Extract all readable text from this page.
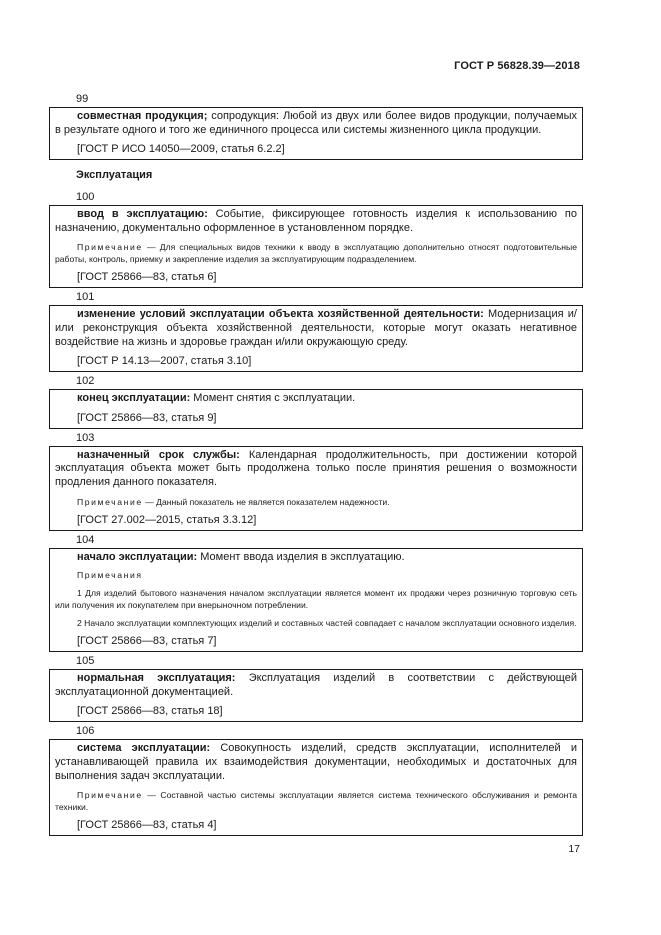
ГОСТ Р 56828.39—2018
99

совместная продукция; сопродукция: Любой из двух или более видов продукции, получаемых в результате одного и того же единичного процесса или системы жизненного цикла продукции.

[ГОСТ Р ИСО 14050—2009, статья 6.2.2]
Эксплуатация
100

ввод в эксплуатацию: Событие, фиксирующее готовность изделия к использованию по назначению, документально оформленное в установленном порядке.

Примечание — Для специальных видов техники к вводу в эксплуатацию дополнительно относят подготовительные работы, контроль, приемку и закрепление изделия за эксплуатирующим подразделением.

[ГОСТ 25866—83, статья 6]
101

изменение условий эксплуатации объекта хозяйственной деятельности: Модернизация и/или реконструкция объекта хозяйственной деятельности, которые могут оказать негативное воздействие на жизнь и здоровье граждан и/или окружающую среду.

[ГОСТ Р 14.13—2007, статья 3.10]
102

конец эксплуатации: Момент снятия с эксплуатации.

[ГОСТ 25866—83, статья 9]
103

назначенный срок службы: Календарная продолжительность, при достижении которой эксплуатация объекта может быть продолжена только после принятия решения о возможности продления данного показателя.

Примечание — Данный показатель не является показателем надежности.

[ГОСТ 27.002—2015, статья 3.3.12]
104

начало эксплуатации: Момент ввода изделия в эксплуатацию.

Примечания

1 Для изделий бытового назначения началом эксплуатации является момент их продажи через розничную торговую сеть или получения их покупателем при внерыночном потреблении.

2 Начало эксплуатации комплектующих изделий и составных частей совпадает с началом эксплуатации основного изделия.

[ГОСТ 25866—83, статья 7]
105

нормальная эксплуатация: Эксплуатация изделий в соответствии с действующей эксплуатационной документацией.

[ГОСТ 25866—83, статья 18]
106

система эксплуатации: Совокупность изделий, средств эксплуатации, исполнителей и устанавливающей правила их взаимодействия документации, необходимых и достаточных для выполнения задач эксплуатации.

Примечание — Составной частью системы эксплуатации является система технического обслуживания и ремонта техники.

[ГОСТ 25866—83, статья 4]
17
